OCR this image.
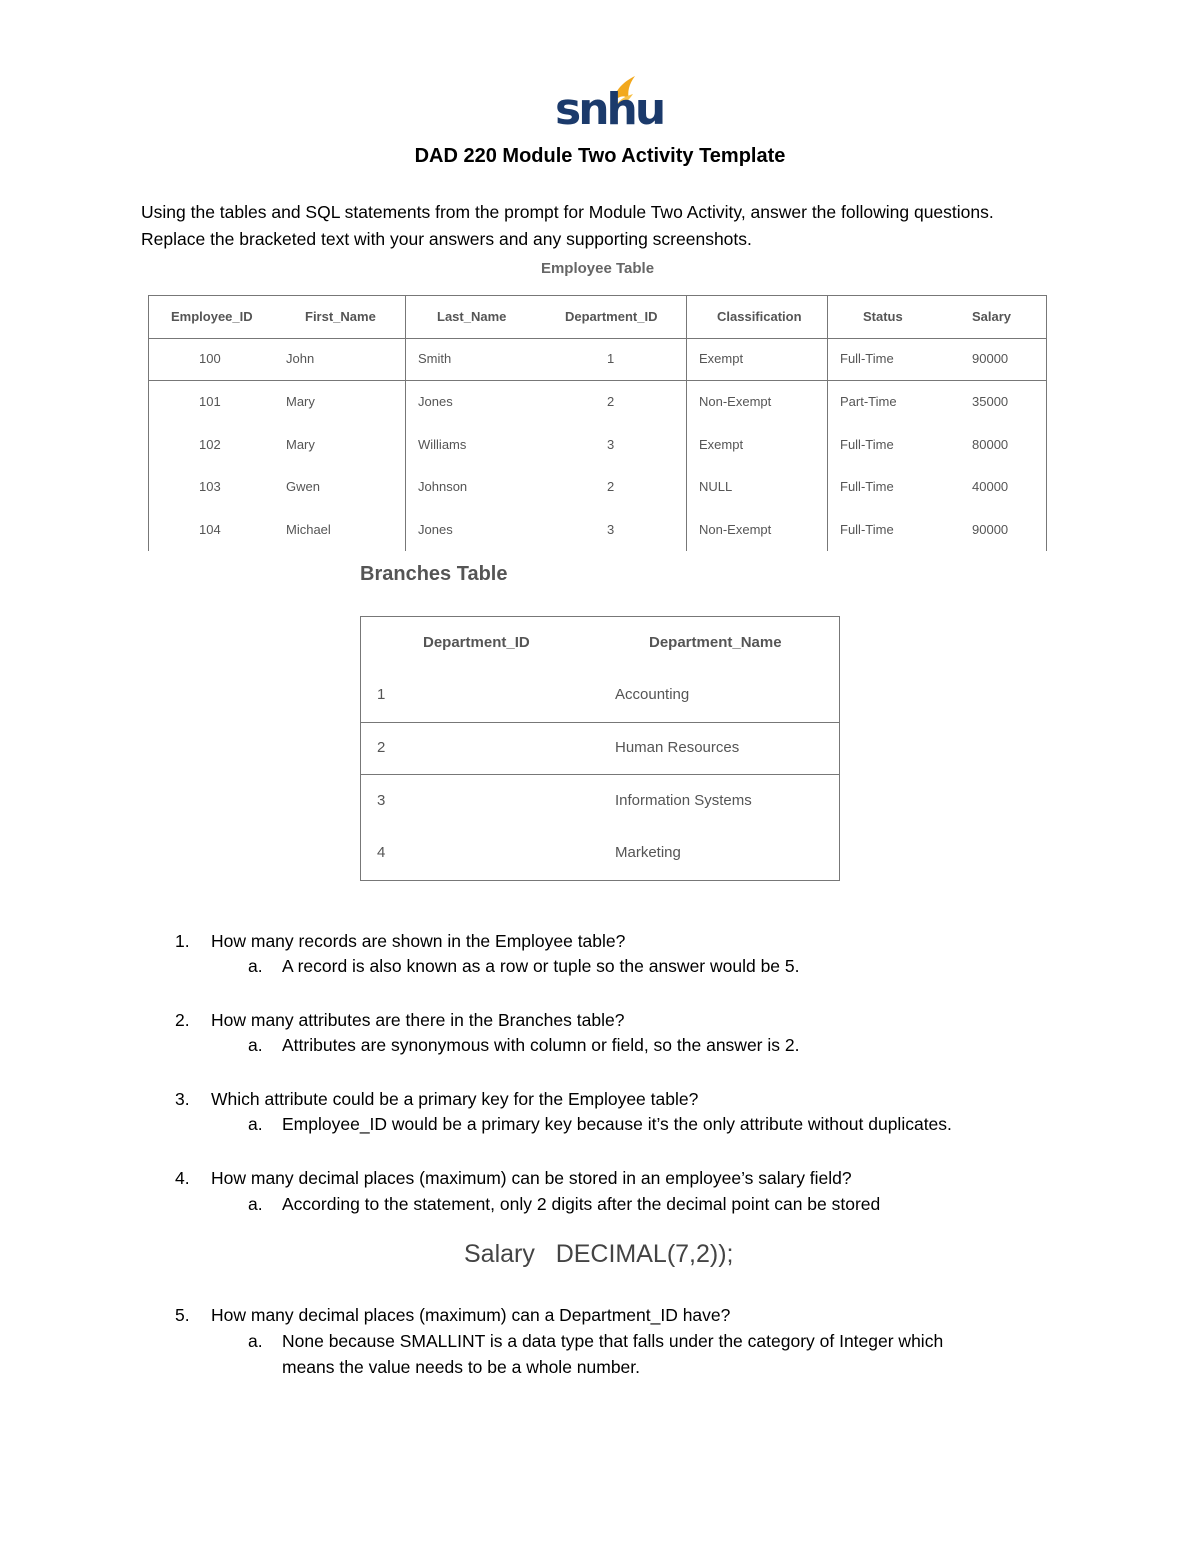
snhu
DAD 220 Module Two Activity Template
Using the tables and SQL statements from the prompt for Module Two Activity, answer the following questions. Replace the bracketed text with your answers and any supporting screenshots.
Employee Table
Employee_ID	First_Name	Last_Name	Department_ID	Classification	Status	Salary
100	John	Smith	1	Exempt	Full-Time	90000
101	Mary	Jones	2	Non-Exempt	Part-Time	35000
102	Mary	Williams	3	Exempt	Full-Time	80000
103	Gwen	Johnson	2	NULL	Full-Time	40000
104	Michael	Jones	3	Non-Exempt	Full-Time	90000
Branches Table
Department_ID	Department_Name
1	Accounting
2	Human Resources
3	Information Systems
4	Marketing
1. How many records are shown in the Employee table?
a. A record is also known as a row or tuple so the answer would be 5.
2. How many attributes are there in the Branches table?
a. Attributes are synonymous with column or field, so the answer is 2.
3. Which attribute could be a primary key for the Employee table?
a. Employee_ID would be a primary key because it’s the only attribute without duplicates.
4. How many decimal places (maximum) can be stored in an employee’s salary field?
a. According to the statement, only 2 digits after the decimal point can be stored
Salary   DECIMAL(7,2));
5. How many decimal places (maximum) can a Department_ID have?
a. None because SMALLINT is a data type that falls under the category of Integer which
means the value needs to be a whole number.
